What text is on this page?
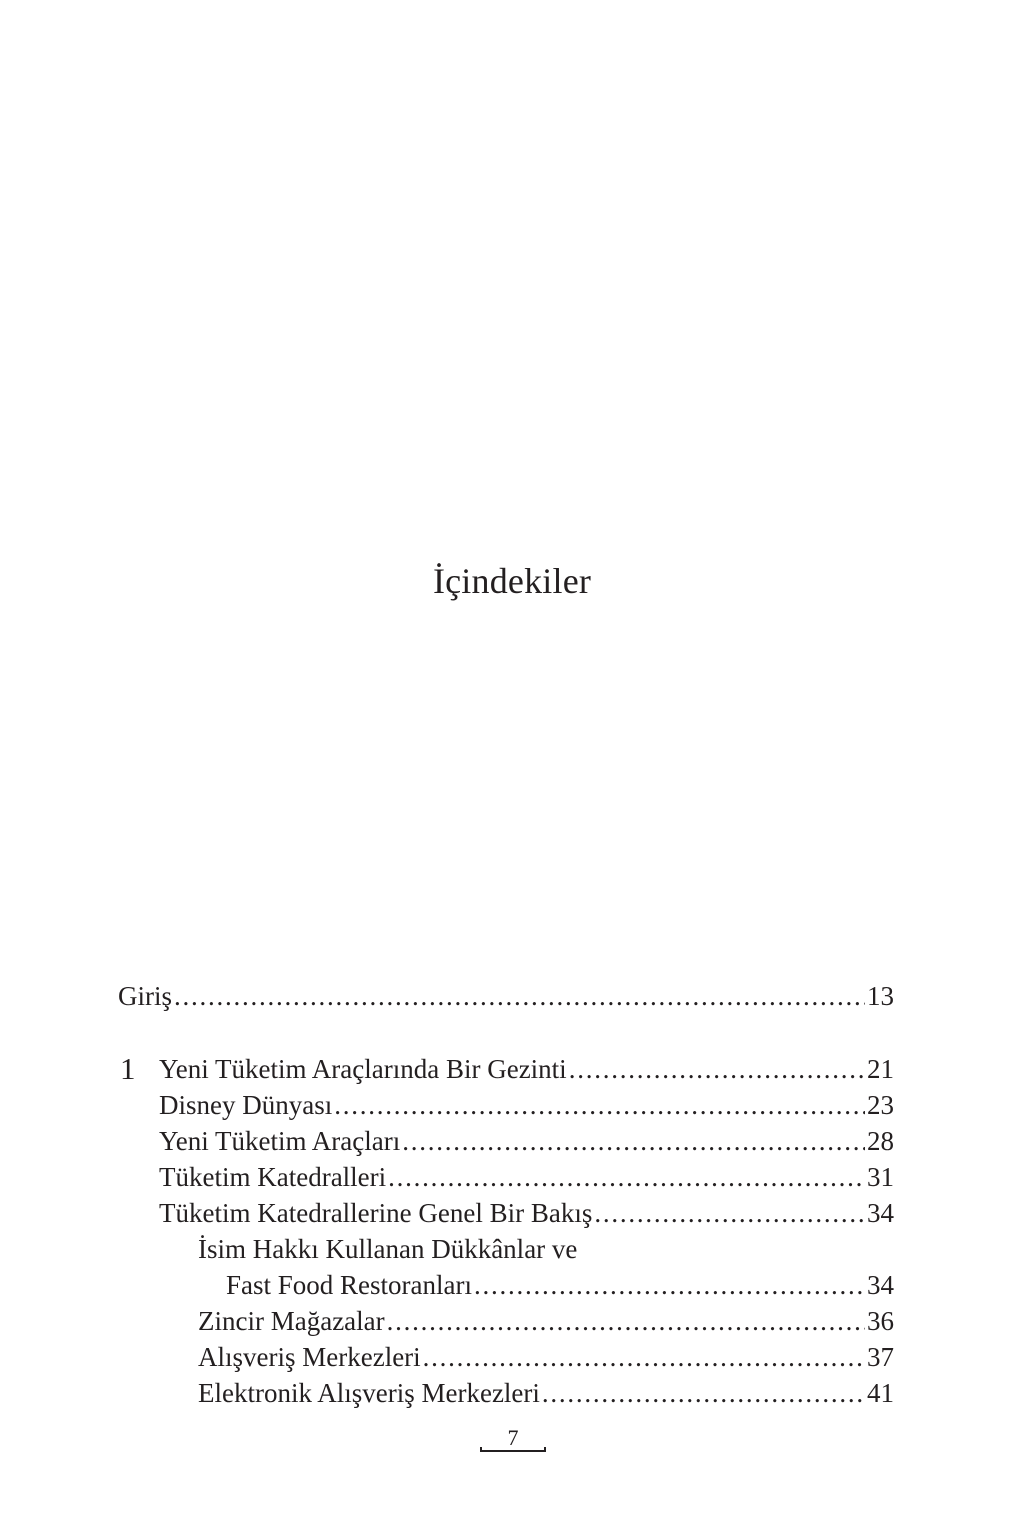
İçindekiler
Giriş . . .	13
1 Yeni Tüketim Araçlarında Bir Gezinti . . .	21
Disney Dünyası . . .	23
Yeni Tüketim Araçları . . .	28
Tüketim Katedralleri . . .	31
Tüketim Katedrallerine Genel Bir Bakış . . .	34
İsim Hakkı Kullanan Dükkânlar ve
Fast Food Restoranları . . .	34
Zincir Mağazalar . . .	36
Alışveriş Merkezleri . . .	37
Elektronik Alışveriş Merkezleri . . .	41
7
